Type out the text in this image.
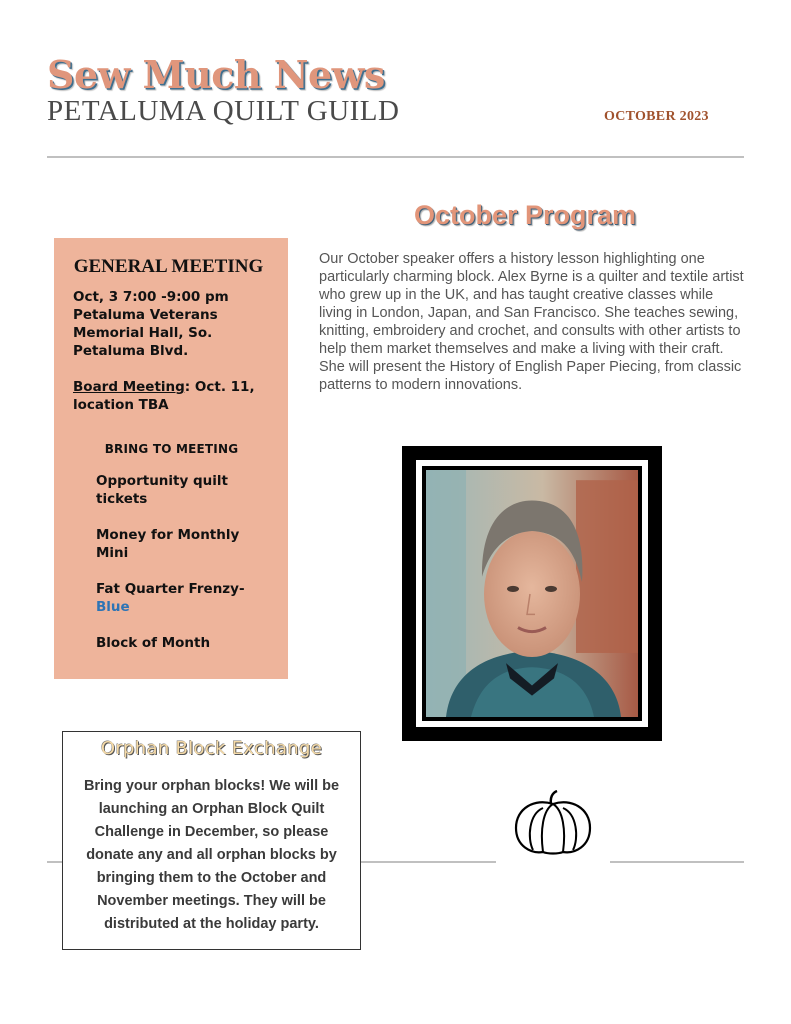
Sew Much News
PETALUMA QUILT GUILD	OCTOBER 2023
October Program
Our October speaker offers a history lesson highlighting one particularly charming block. Alex Byrne is a quilter and textile artist who grew up in the UK, and has taught creative classes while living in London, Japan, and San Francisco. She teaches sewing, knitting, embroidery and crochet, and consults with other artists to help them market themselves and make a living with their craft. She will present the History of English Paper Piecing, from classic patterns to modern innovations.
GENERAL MEETING
Oct, 3 7:00 -9:00 pm Petaluma Veterans Memorial Hall, So. Petaluma Blvd.
Board Meeting: Oct. 11, location TBA
BRING TO MEETING
Opportunity quilt tickets
Money for Monthly Mini
Fat Quarter Frenzy-
Blue
Block of Month
Orphan Block Exchange
Bring your orphan blocks! We will be launching an Orphan Block Quilt Challenge in December, so please donate any and all orphan blocks by bringing them to the October and November meetings. They will be distributed at the holiday party.
